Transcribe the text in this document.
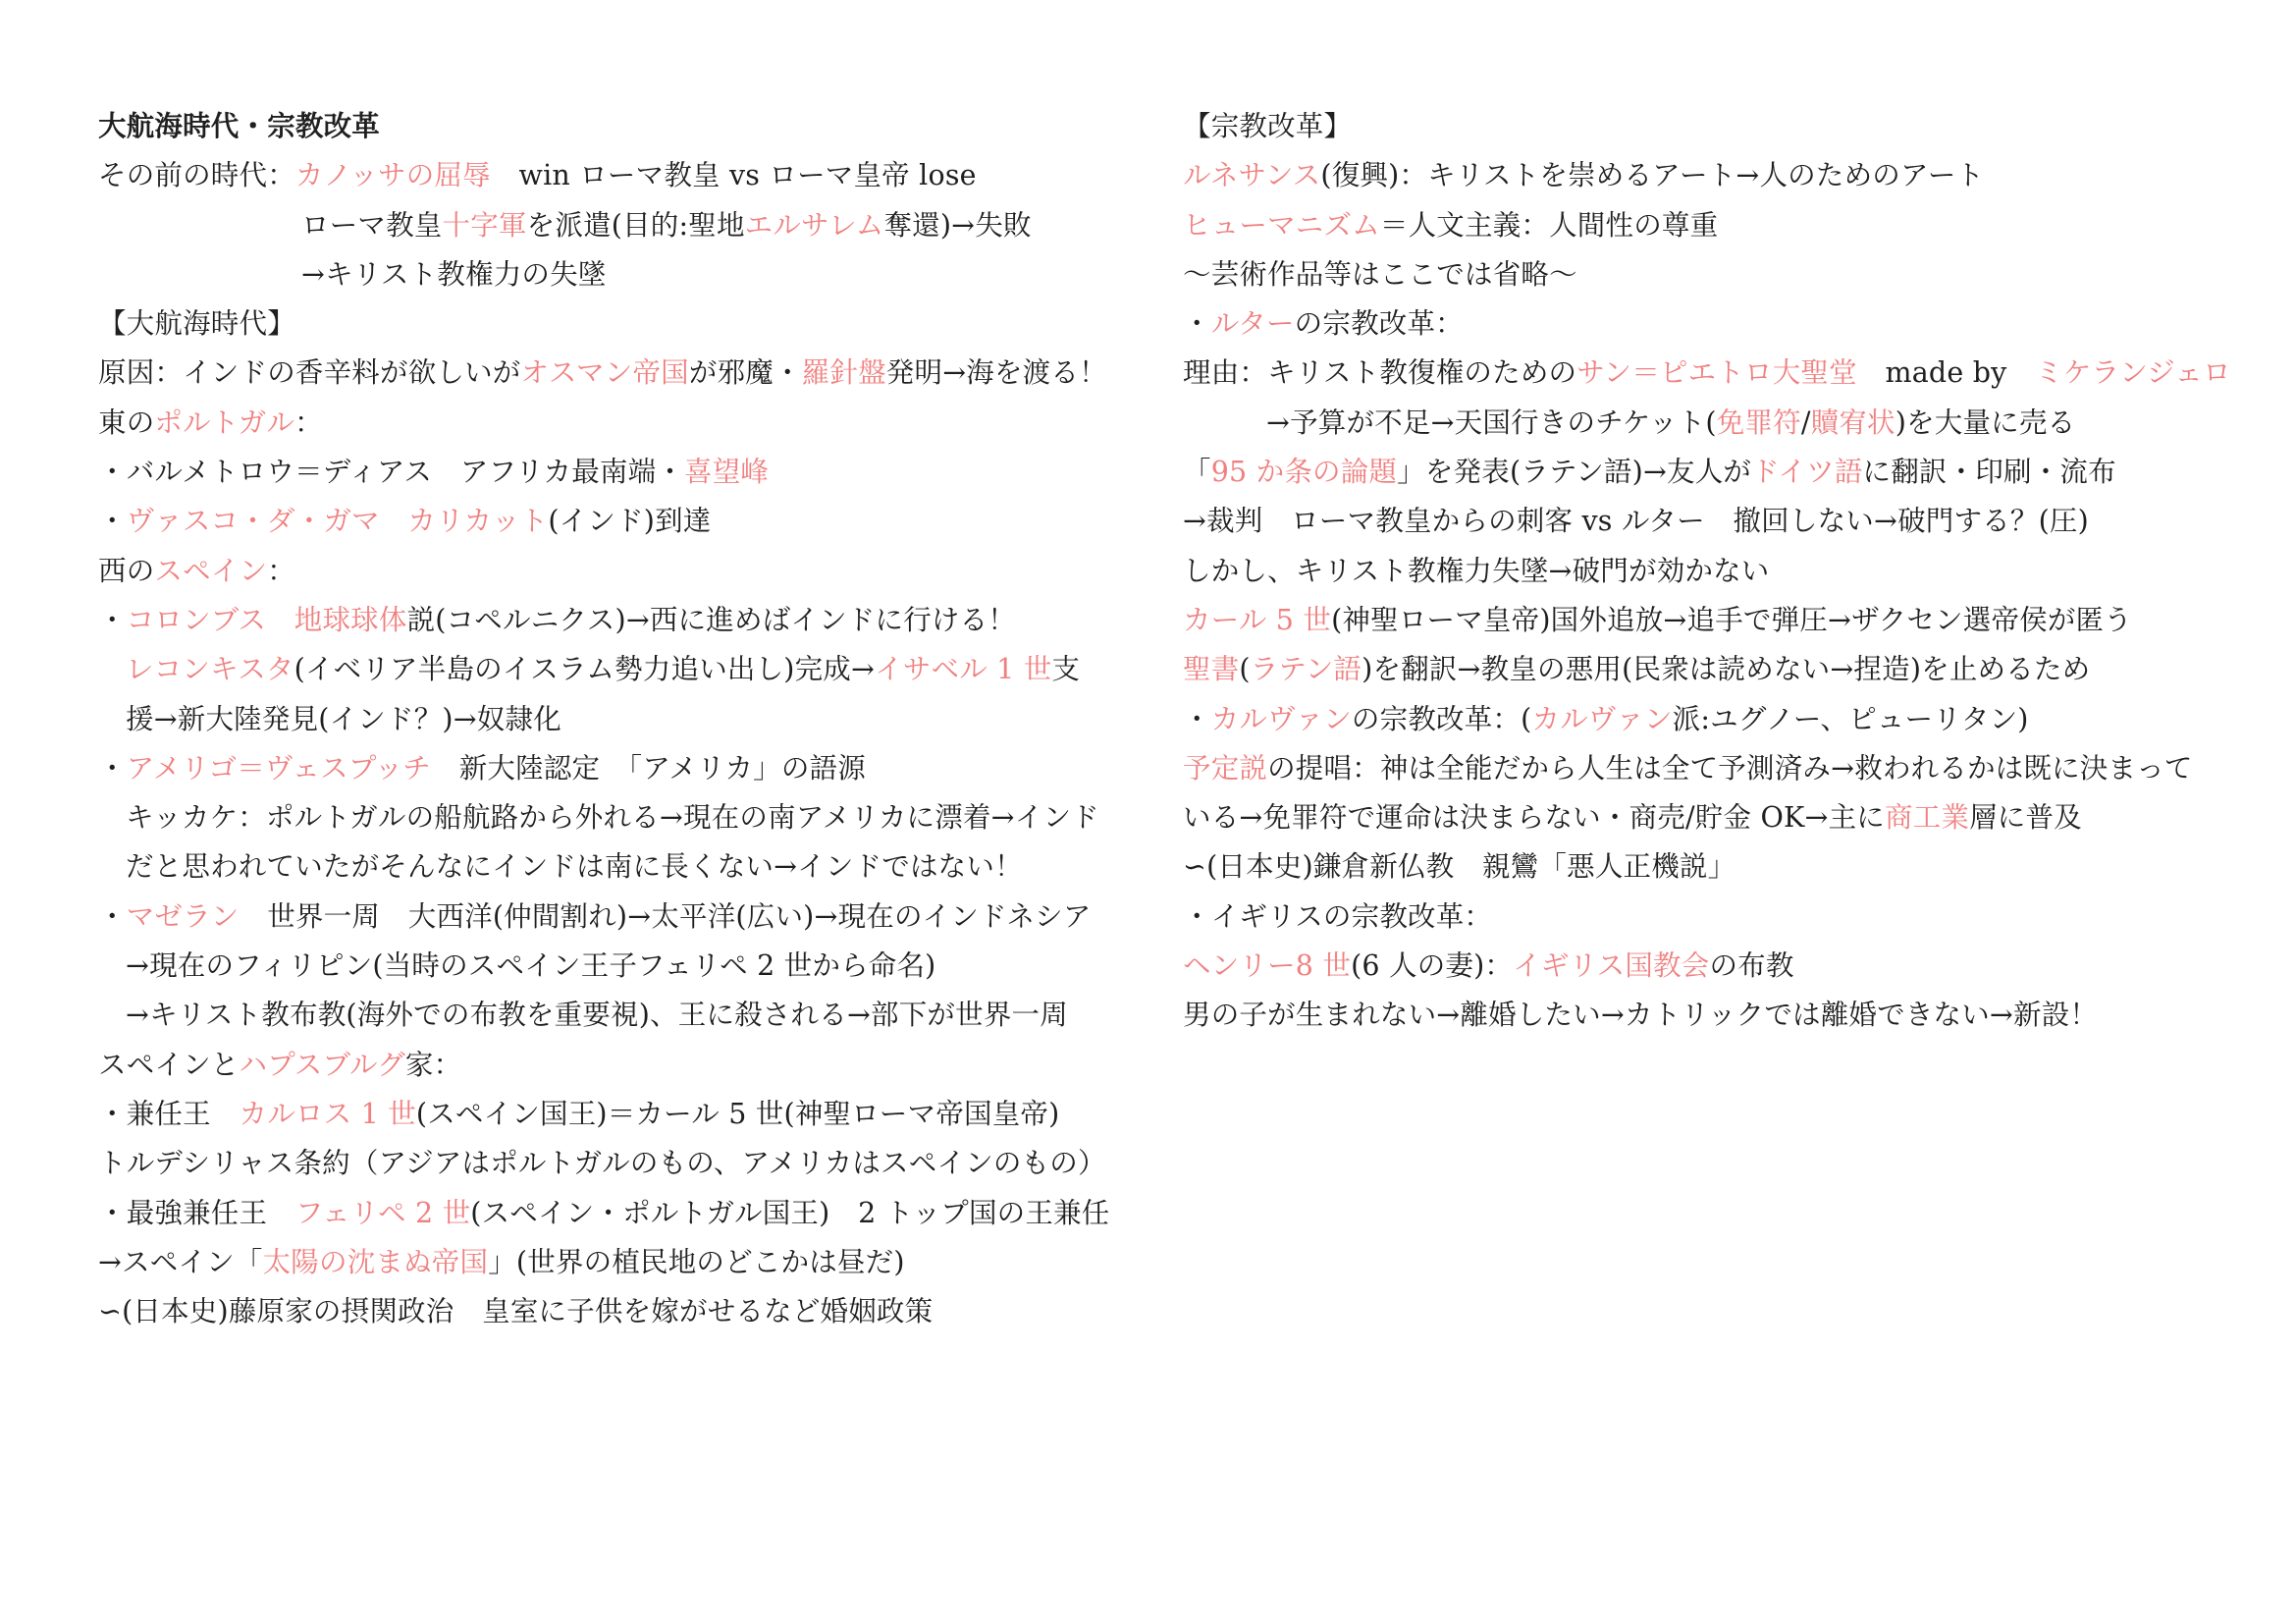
大航海時代・宗教改革
その前の時代：カノッサの屈辱　win ローマ教皇 vs ローマ皇帝 lose
ローマ教皇十字軍を派遣(目的:聖地エルサレム奪還)→失敗
→キリスト教権力の失墜
【大航海時代】
原因：インドの香辛料が欲しいがオスマン帝国が邪魔・羅針盤発明→海を渡る！
東のポルトガル：
・バルメトロウ＝ディアス　アフリカ最南端・喜望峰
・ヴァスコ・ダ・ガマ　カリカット(インド)到達
西のスペイン：
・コロンブス　地球球体説(コペルニクス)→西に進めばインドに行ける！
レコンキスタ(イベリア半島のイスラム勢力追い出し)完成→イサベル 1 世支
援→新大陸発見(インド？)→奴隷化
・アメリゴ＝ヴェスプッチ　新大陸認定　「アメリカ」の語源
キッカケ：ポルトガルの船航路から外れる→現在の南アメリカに漂着→インド
だと思われていたがそんなにインドは南に長くない→インドではない！
・マゼラン　世界一周　大西洋(仲間割れ)→太平洋(広い)→現在のインドネシア
→現在のフィリピン(当時のスペイン王子フェリペ 2 世から命名)
→キリスト教布教(海外での布教を重要視)、王に殺される→部下が世界一周
スペインとハプスブルグ家：
・兼任王　カルロス 1 世(スペイン国王)＝カール 5 世(神聖ローマ帝国皇帝)
トルデシリャス条約（アジアはポルトガルのもの、アメリカはスペインのもの）
・最強兼任王　フェリペ 2 世(スペイン・ポルトガル国王)　2 トップ国の王兼任
→スペイン「太陽の沈まぬ帝国」(世界の植民地のどこかは昼だ)
∽(日本史)藤原家の摂関政治　皇室に子供を嫁がせるなど婚姻政策
【宗教改革】
ルネサンス(復興)：キリストを崇めるアート→人のためのアート
ヒューマニズム＝人文主義：人間性の尊重
〜芸術作品等はここでは省略〜
・ルターの宗教改革：
理由：キリスト教復権のためのサン＝ピエトロ大聖堂　made by　ミケランジェロ
→予算が不足→天国行きのチケット(免罪符/贖宥状)を大量に売る
「95 か条の論題」を発表(ラテン語)→友人がドイツ語に翻訳・印刷・流布
→裁判　ローマ教皇からの刺客 vs ルター　撤回しない→破門する？(圧)
しかし、キリスト教権力失墜→破門が効かない
カール 5 世(神聖ローマ皇帝)国外追放→追手で弾圧→ザクセン選帝侯が匿う
聖書(ラテン語)を翻訳→教皇の悪用(民衆は読めない→捏造)を止めるため
・カルヴァンの宗教改革：(カルヴァン派:ユグノー、ピューリタン)
予定説の提唱：神は全能だから人生は全て予測済み→救われるかは既に決まって
いる→免罪符で運命は決まらない・商売/貯金 OK→主に商工業層に普及
∽(日本史)鎌倉新仏教　親鸞「悪人正機説」
・イギリスの宗教改革：
ヘンリー8 世(6 人の妻)：イギリス国教会の布教
男の子が生まれない→離婚したい→カトリックでは離婚できない→新設！
